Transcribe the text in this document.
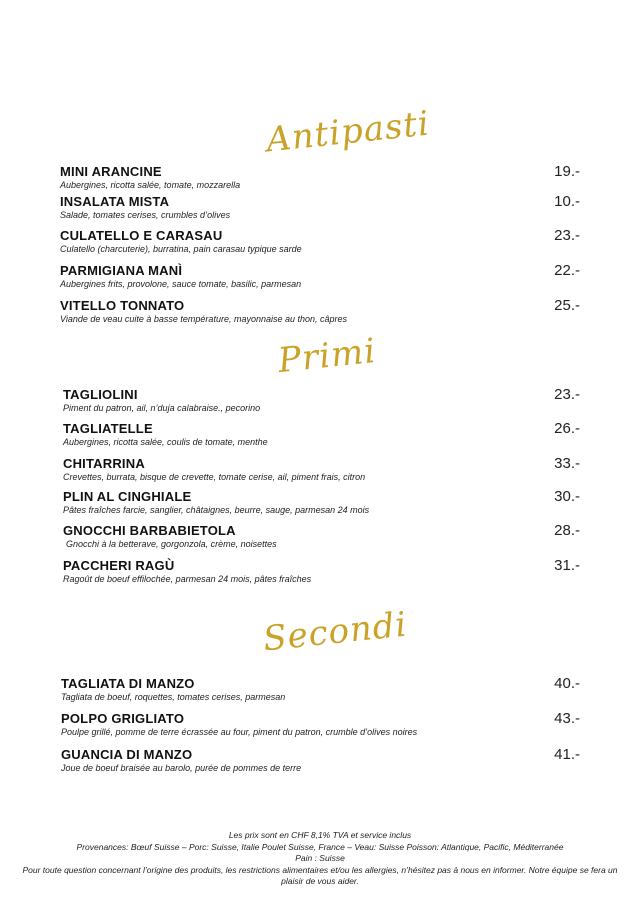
Antipasti
MINI ARANCINE
Aubergines, ricotta salée, tomate, mozzarella
19.-
INSALATA MISTA
Salade, tomates cerises, crumbles d’olives
10.-
CULATELLO E CARASAU
Culatello (charcuterie), burratina, pain carasau typique sarde
23.-
PARMIGIANA MANÌ
Aubergines frits, provolone, sauce tomate, basilic, parmesan
22.-
VITELLO TONNATO
Viande de veau cuite à basse température, mayonnaise au thon, câpres
25.-
Primi
TAGLIOLINI
Piment du patron, ail, n’duja calabraise., pecorino
23.-
TAGLIATELLE
Aubergines, ricotta salée, coulis de tomate, menthe
26.-
CHITARRINA
Crevettes, burrata, bisque de crevette, tomate cerise, ail, piment frais, citron
33.-
PLIN AL CINGHIALE
Pâtes fraîches farcie, sanglier, châtaignes, beurre, sauge, parmesan 24 mois
30.-
GNOCCHI BARBABIETOLA
Gnocchi à la betterave, gorgonzola, crème, noisettes
28.-
PACCHERI RAGÙ
Ragoût de boeuf effilochée, parmesan 24 mois, pâtes fraîches
31.-
Secondi
TAGLIATA DI MANZO
Tagliata de boeuf, roquettes, tomates cerises, parmesan
40.-
POLPO GRIGLIATO
Poulpe grillé, pomme de terre écrassée au four, piment du patron, crumble d’olives noires
43.-
GUANCIA DI MANZO
Joue de boeuf braisée au barolo, purée de pommes de terre
41.-
Les prix sont en CHF 8,1% TVA et service inclus
Provenances: Bœuf Suisse – Porc: Suisse, Italie Poulet Suisse, France – Veau: Suisse Poisson: Atlantique, Pacific, Méditerranée
Pain : Suisse
Pour toute question concernant l’origine des produits, les restrictions alimentaires et/ou les allergies, n’hésitez pas à nous en informer. Notre équipe se fera un
plaisir de vous aider.
